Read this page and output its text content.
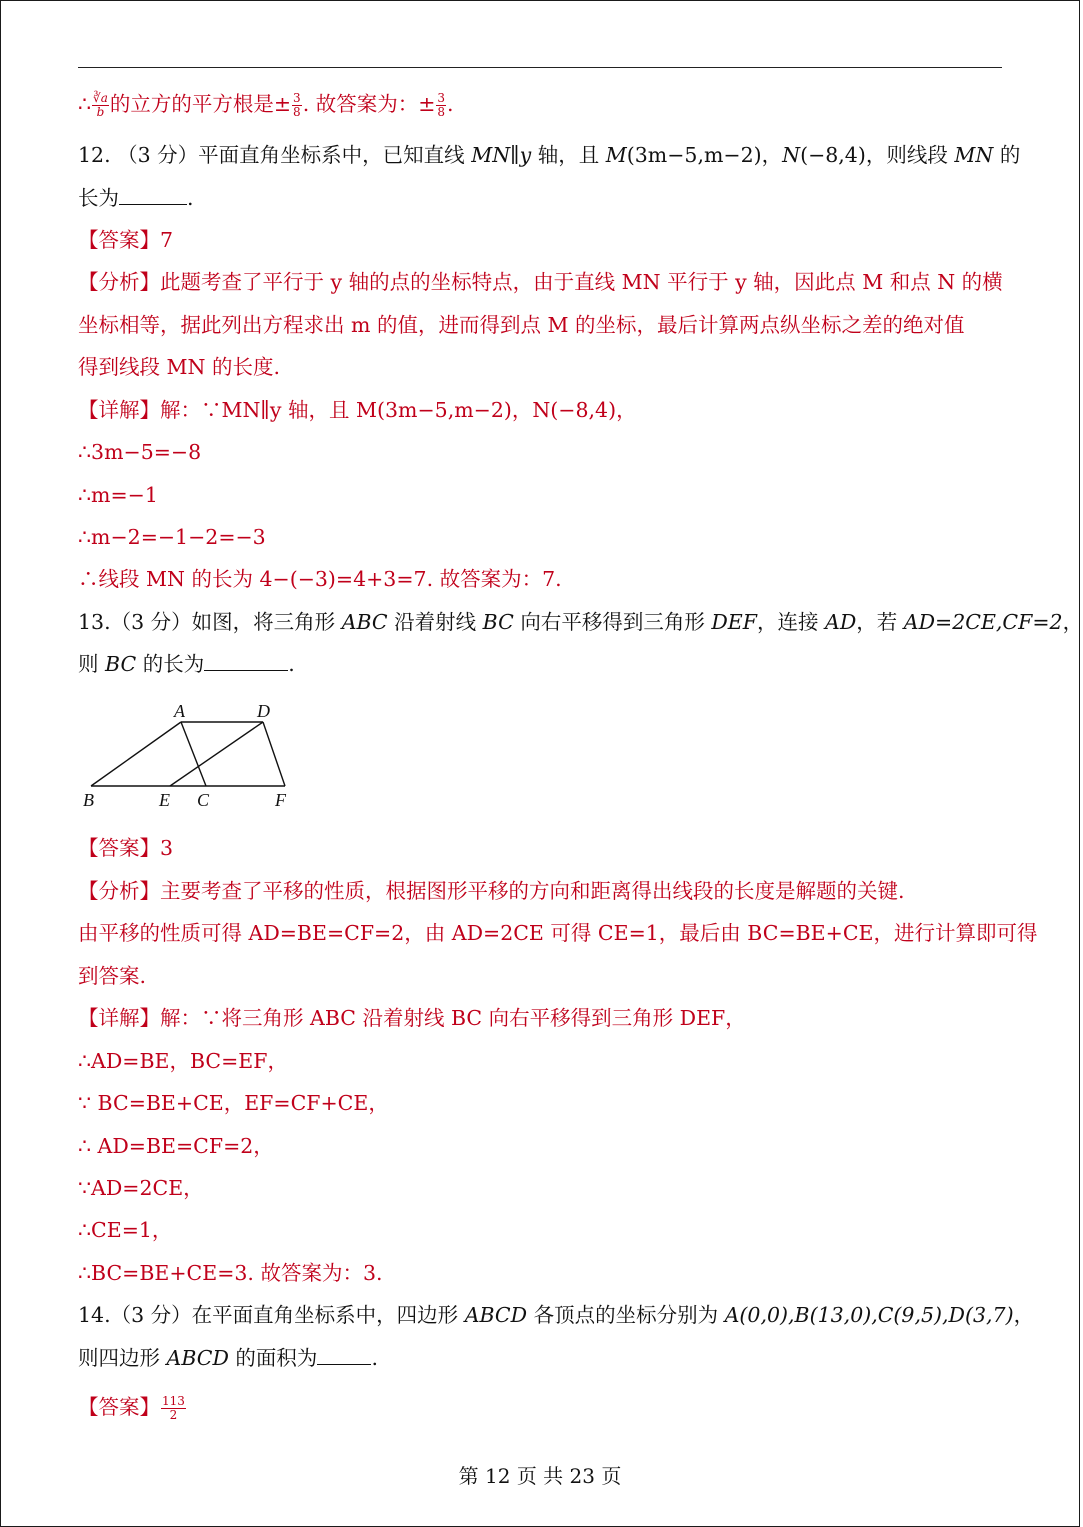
∴ $\frac{∛a}{b}$ 的立方的平方根是± $\frac{3}{8}$ . 故答案为：± $\frac{3}{8}$ .
12. （3 分）平面直角坐标系中，已知直线 MN∥y 轴，且 M(3m−5,m−2)，N(−8,4)，则线段 MN 的
长为	.
【答案】7
【分析】此题考查了平行于 y 轴的点的坐标特点，由于直线 MN 平行于 y 轴，因此点 M 和点 N 的横
坐标相等，据此列出方程求出 m 的值，进而得到点 M 的坐标，最后计算两点纵坐标之差的绝对值
得到线段 MN 的长度.
【详解】解：∵MN∥y 轴，且 M(3m−5,m−2)，N(−8,4)，
∴3m−5=−8
∴m=−1
∴m−2=−1−2=−3
∴线段 MN 的长为 4−(−3)=4+3=7. 故答案为：7.
13.（3 分）如图，将三角形 ABC 沿着射线 BC 向右平移得到三角形 DEF，连接 AD，若 AD=2CE,CF=2，
则 BC 的长为	.
A	D
B	E C	F
【答案】3
【分析】主要考查了平移的性质，根据图形平移的方向和距离得出线段的长度是解题的关键.
由平移的性质可得 AD=BE=CF=2，由 AD=2CE 可得 CE=1，最后由 BC=BE+CE，进行计算即可得
到答案.
【详解】解：∵将三角形 ABC 沿着射线 BC 向右平移得到三角形 DEF，
∴AD=BE，BC=EF，
∵ BC=BE+CE，EF=CF+CE，
∴ AD=BE=CF=2，
∵AD=2CE，
∴CE=1，
∴BC=BE+CE=3. 故答案为：3.
14.（3 分）在平面直角坐标系中，四边形 ABCD 各顶点的坐标分别为 A(0,0),B(13,0),C(9,5),D(3,7)，
则四边形 ABCD 的面积为	.
【答案】 $\frac{113}{2}$
第 12 页 共 23 页
